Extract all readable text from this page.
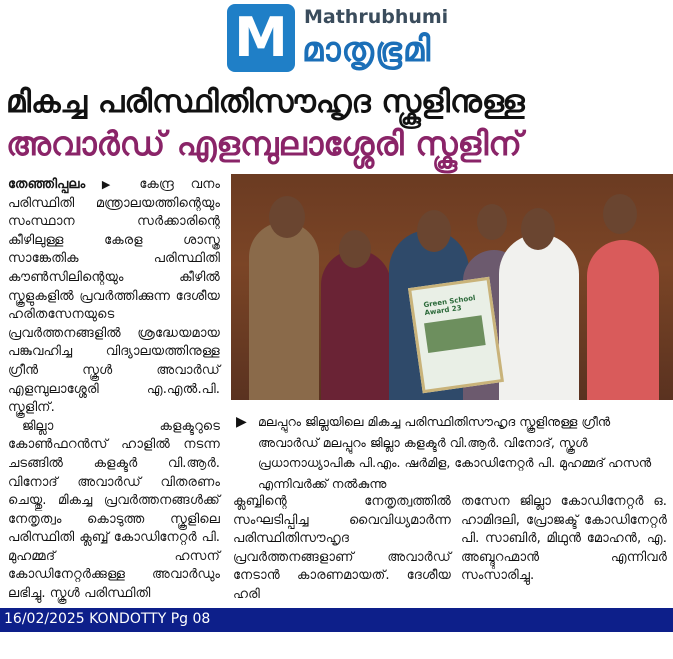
M Mathrubhumi
മാതൃഭൂമി
മികച്ച പരിസ്ഥിതിസൗഹൃദ സ്കൂളിനുള്ള
അവാർഡ് എളമ്പുലാശ്ശേരി സ്കൂളിന്

തേഞ്ഞിപ്പലം ▶ കേന്ദ്ര വനം പരിസ്ഥിതി മന്ത്രാലയത്തിന്റെയും സംസ്ഥാന സർക്കാരിന്റെ കീഴിലുള്ള കേരള ശാസ്ത്ര സാങ്കേതിക പരിസ്ഥിതി കൗൺസിലിന്റെയും കീഴിൽ സ്കൂളുകളിൽ പ്രവർത്തിക്കുന്ന ദേശീയ ഹരിതസേനയുടെ പ്രവർത്തനങ്ങളിൽ ശ്രദ്ധേയമായ പങ്കുവഹിച്ച വിദ്യാലയത്തിനുള്ള ഗ്രീൻ സ്കൂൾ അവാർഡ് എളമ്പുലാശ്ശേരി എ.എൽ.പി. സ്കൂളിന്.

ജില്ലാ കളക്ടറുടെ കോൺഫറൻസ് ഹാളിൽ നടന്ന ചടങ്ങിൽ കളക്ടർ വി.ആർ. വിനോദ് അവാർഡ് വിതരണം ചെയ്തു. മികച്ച പ്രവർത്തനങ്ങൾക്ക് നേതൃത്വം കൊടുത്ത സ്കൂളിലെ പരിസ്ഥിതി ക്ലബ്ബ് കോഡിനേറ്റർ പി. മുഹമ്മദ് ഹസന് കോഡിനേറ്റർക്കുള്ള അവാർഡും ലഭിച്ചു. സ്കൂൾ പരിസ്ഥിതി

Green School Award 23
▶ മലപ്പുറം ജില്ലയിലെ മികച്ച പരിസ്ഥിതിസൗഹൃദ സ്കൂളിനുള്ള ഗ്രീൻ അവാർഡ് മലപ്പുറം ജില്ലാ കളക്ടർ വി.ആർ. വിനോദ്, സ്കൂൾ പ്രധാനാധ്യാപിക പി.എം. ഷർമിള, കോഡിനേറ്റർ പി. മുഹമ്മദ് ഹസൻ എന്നിവർക്ക് നൽകുന്നു
ക്ലബ്ബിന്റെ നേതൃത്വത്തിൽ സംഘടിപ്പിച്ച വൈവിധ്യമാർന്ന പരിസ്ഥിതിസൗഹൃദ പ്രവർത്തനങ്ങളാണ് അവാർഡ് നേടാൻ കാരണമായത്. ദേശീയ ഹരി
തസേന ജില്ലാ കോഡിനേറ്റർ ഒ. ഹാമിദലി, പ്രോജക്ട് കോഡിനേറ്റർ പി. സാബിർ, മിഥുൻ മോഹൻ, എ. അബ്ദുറഹ്മാൻ എന്നിവർ സംസാരിച്ചു.
16/02/2025 KONDOTTY Pg 08
